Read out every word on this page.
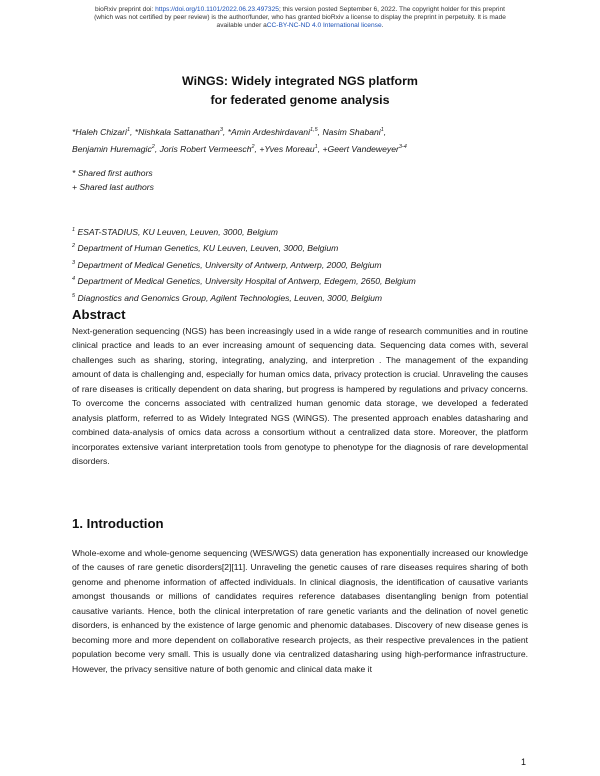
bioRxiv preprint doi: https://doi.org/10.1101/2022.06.23.497325; this version posted September 6, 2022. The copyright holder for this preprint
(which was not certified by peer review) is the author/funder, who has granted bioRxiv a license to display the preprint in perpetuity. It is made
available under aCC-BY-NC-ND 4.0 International license.
WiNGS: Widely integrated NGS platform
for federated genome analysis
*Haleh Chizari$^1$, *Nishkala Sattanathan$^3$, *Amin Ardeshirdavani$^{1,5}$, Nasim Shabani$^1$,
Benjamin Huremagic$^2$, Joris Robert Vermeesch$^2$, +Yves Moreau$^1$, +Geert Vandeweyer$^{3-4}$
* Shared first authors
+ Shared last authors
$^1$ ESAT-STADIUS, KU Leuven, Leuven, 3000, Belgium
$^2$ Department of Human Genetics, KU Leuven, Leuven, 3000, Belgium
$^3$ Department of Medical Genetics, University of Antwerp, Antwerp, 2000, Belgium
$^4$ Department of Medical Genetics, University Hospital of Antwerp, Edegem, 2650, Belgium
$^5$ Diagnostics and Genomics Group, Agilent Technologies, Leuven, 3000, Belgium
Abstract

Next-generation sequencing (NGS) has been increasingly used in a wide range of research communities and in routine clinical practice and leads to an ever increasing amount of sequencing data. Sequencing data comes with, several challenges such as sharing, storing, integrating, analyzing, and interpretion . The management of the expanding amount of data is challenging and, especially for human omics data, privacy protection is crucial. Unraveling the causes of rare diseases is critically dependent on data sharing, but progress is hampered by regulations and privacy concerns. To overcome the concerns associated with centralized human genomic data storage, we developed a federated analysis platform, referred to as Widely Integrated NGS (WiNGS). The presented approach enables datasharing and combined data-analysis of omics data across a consortium without a centralized data store. Moreover, the platform incorporates extensive variant interpretation tools from genotype to phenotype for the diagnosis of rare developmental disorders.

1. Introduction

Whole-exome and whole-genome sequencing (WES/WGS) data generation has exponentially increased our knowledge of the causes of rare genetic disorders[2][11]. Unraveling the genetic causes of rare diseases requires sharing of both genome and phenome information of affected individuals. In clinical diagnosis, the identification of causative variants amongst thousands or millions of candidates requires reference databases disentangling benign from potential causative variants. Hence, both the clinical interpretation of rare genetic variants and the delination of novel genetic disorders, is enhanced by the existence of large genomic and phenomic databases. Discovery of new disease genes is becoming more and more dependent on collaborative research projects, as their respective prevalences in the patient population become very small. This is usually done via centralized datasharing using high-performance infrastructure. However, the privacy sensitive nature of both genomic and clinical data make it

1
